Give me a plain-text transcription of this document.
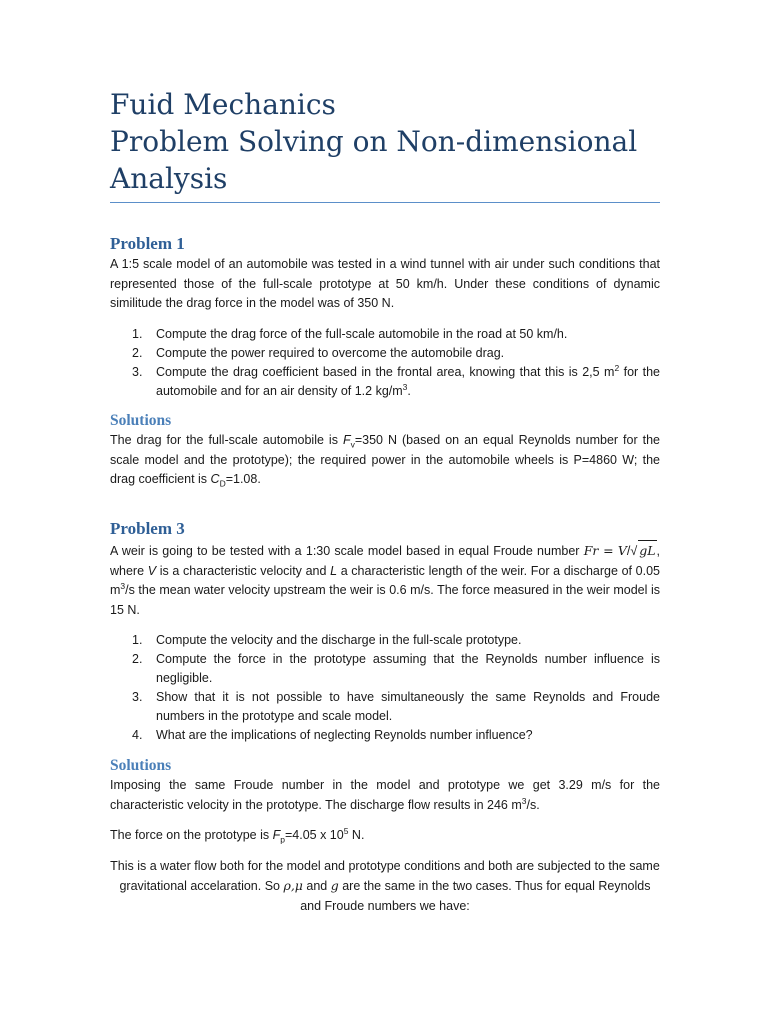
Fuid Mechanics
Problem Solving on Non-dimensional
Analysis
Problem 1

A 1:5 scale model of an automobile was tested in a wind tunnel with air under such conditions that represented those of the full-scale prototype at 50 km/h. Under these conditions of dynamic similitude the drag force in the model was of 350 N.

1. Compute the drag force of the full-scale automobile in the road at 50 km/h.
2. Compute the power required to overcome the automobile drag.
3. Compute the drag coefficient based in the frontal area, knowing that this is 2,5 $m^2$ for the automobile and for an air density of 1.2 $kg/m^3$.
Solutions

The drag for the full-scale automobile is $F_v=350$ N (based on an equal Reynolds number for the scale model and the prototype); the required power in the automobile wheels is P=4860 W; the drag coefficient is $C_D=1.08$.

Problem 3

A weir is going to be tested with a 1:30 scale model based in equal Froude number Fr = V/√ gL, where V is a characteristic velocity and L a characteristic length of the weir. For a discharge of 0.05 $m^3/s$ the mean water velocity upstream the weir is 0.6 m/s. The force measured in the weir model is 15 N.

1. Compute the velocity and the discharge in the full-scale prototype.
2. Compute the force in the prototype assuming that the Reynolds number influence is negligible.
3. Show that it is not possible to have simultaneously the same Reynolds and Froude numbers in the prototype and scale model.
4. What are the implications of neglecting Reynolds number influence?
Solutions

Imposing the same Froude number in the model and prototype we get 3.29 m/s for the characteristic velocity in the prototype. The discharge flow results in 246 $m^3/s$.

The force on the prototype is $F_p=4.05$ x $10^5$ N.

This is a water flow both for the model and prototype conditions and both are subjected to the same gravitational accelaration. So ρ,μ and g are the same in the two cases. Thus for equal Reynolds and Froude numbers we have:
